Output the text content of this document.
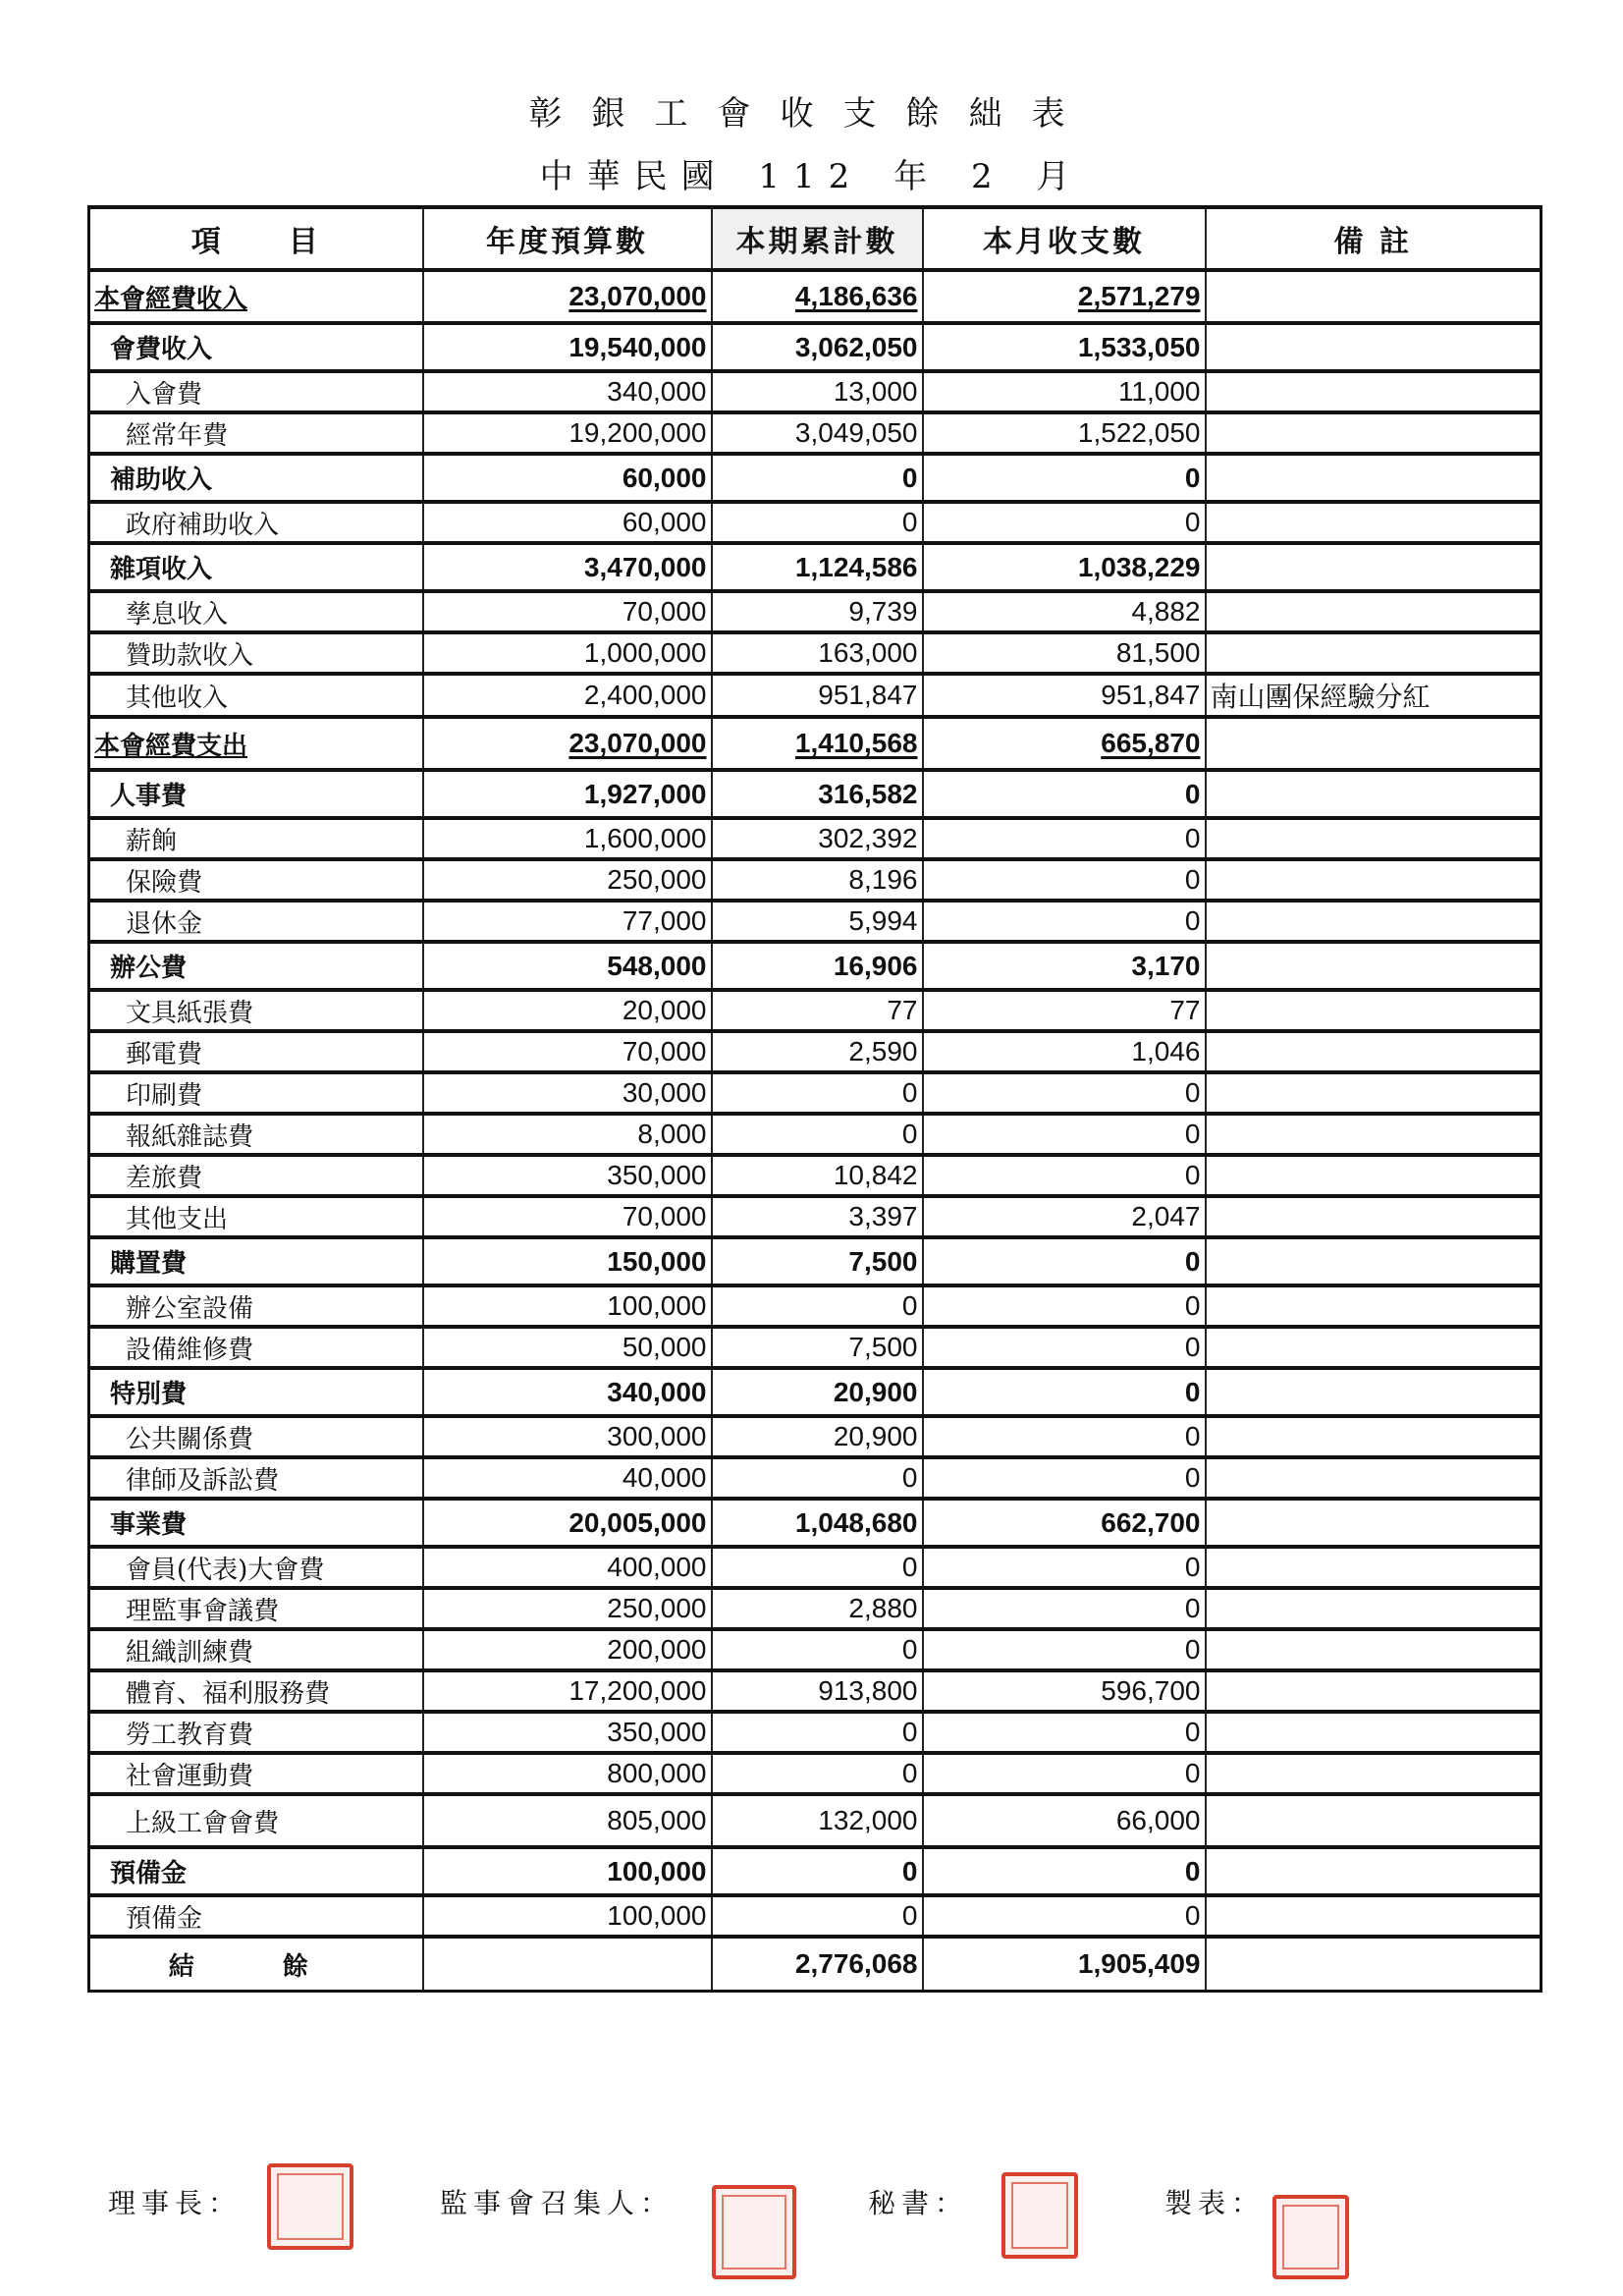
彰銀工會收支餘絀表
中華民國 112 年 2 月
項　　目	年度預算數	本期累計數	本月收支數	備 註
本會經費收入	23,070,000	4,186,636	2,571,279	
會費收入	19,540,000	3,062,050	1,533,050	
入會費	340,000	13,000	11,000	
經常年費	19,200,000	3,049,050	1,522,050	
補助收入	60,000	0	0	
政府補助收入	60,000	0	0	
雜項收入	3,470,000	1,124,586	1,038,229	
孳息收入	70,000	9,739	4,882	
贊助款收入	1,000,000	163,000	81,500	
其他收入	2,400,000	951,847	951,847	南山團保經驗分紅
本會經費支出	23,070,000	1,410,568	665,870	
人事費	1,927,000	316,582	0	
薪餉	1,600,000	302,392	0	
保險費	250,000	8,196	0	
退休金	77,000	5,994	0	
辦公費	548,000	16,906	3,170	
文具紙張費	20,000	77	77	
郵電費	70,000	2,590	1,046	
印刷費	30,000	0	0	
報紙雜誌費	8,000	0	0	
差旅費	350,000	10,842	0	
其他支出	70,000	3,397	2,047	
購置費	150,000	7,500	0	
辦公室設備	100,000	0	0	
設備維修費	50,000	7,500	0	
特別費	340,000	20,900	0	
公共關係費	300,000	20,900	0	
律師及訴訟費	40,000	0	0	
事業費	20,005,000	1,048,680	662,700	
會員(代表)大會費	400,000	0	0	
理監事會議費	250,000	2,880	0	
組織訓練費	200,000	0	0	
體育、福利服務費	17,200,000	913,800	596,700	
勞工教育費	350,000	0	0	
社會運動費	800,000	0	0	
上級工會會費	805,000	132,000	66,000	
預備金	100,000	0	0	
預備金	100,000	0	0	
結餘		2,776,068	1,905,409	
理事長：	監事會召集人：	秘書：	製表：
